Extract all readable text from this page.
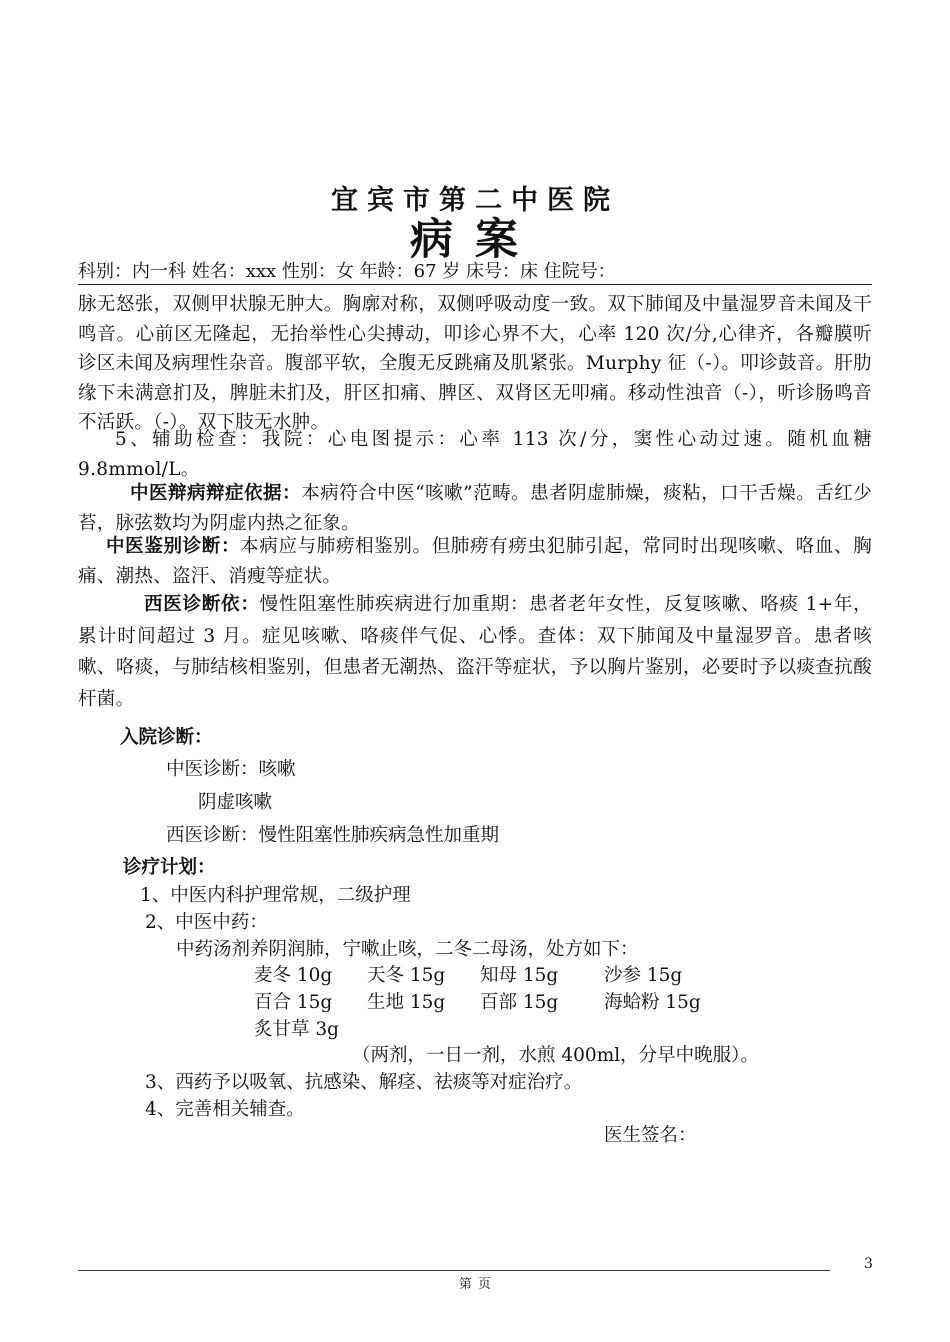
宜宾市第二中医院
病案
科别：内一科 姓名：xxx 性别：女 年龄：67 岁 床号：床 住院号：
脉无怒张，双侧甲状腺无肿大。胸廓对称，双侧呼吸动度一致。双下肺闻及中量湿罗音未闻及干鸣音。心前区无隆起，无抬举性心尖搏动，叩诊心界不大，心率 120 次/分,心律齐，各瓣膜听诊区未闻及病理性杂音。腹部平软，全腹无反跳痛及肌紧张。Murphy 征（-）。叩诊鼓音。肝肋缘下未满意扪及，脾脏未扪及，肝区扣痛、脾区、双肾区无叩痛。移动性浊音（-），听诊肠鸣音不活跃。（-）。双下肢无水肿。
5、辅助检查：我院：心电图提示：心率 113 次/分，窦性心动过速。随机血糖 9.8mmol/L。
中医辩病辩症依据：本病符合中医“咳嗽”范畴。患者阴虚肺燥，痰粘，口干舌燥。舌红少苔，脉弦数均为阴虚内热之征象。
中医鉴别诊断：本病应与肺痨相鉴别。但肺痨有痨虫犯肺引起，常同时出现咳嗽、咯血、胸痛、潮热、盗汗、消瘦等症状。
西医诊断依：慢性阻塞性肺疾病进行加重期：患者老年女性，反复咳嗽、咯痰 1+年，累计时间超过 3 月。症见咳嗽、咯痰伴气促、心悸。查体：双下肺闻及中量湿罗音。患者咳嗽、咯痰，与肺结核相鉴别，但患者无潮热、盗汗等症状，予以胸片鉴别，必要时予以痰查抗酸杆菌。
入院诊断：
中医诊断：咳嗽
阴虚咳嗽
西医诊断：慢性阻塞性肺疾病急性加重期
诊疗计划：
1、中医内科护理常规，二级护理
2、中医中药：
中药汤剂养阴润肺，宁嗽止咳，二冬二母汤，处方如下：
麦冬 10g 天冬 15g 知母 15g 沙参 15g
百合 15g 生地 15g 百部 15g 海蛤粉 15g
炙甘草 3g
（两剂，一日一剂，水煎 400ml，分早中晚服）。
3、西药予以吸氧、抗感染、解痉、祛痰等对症治疗。
4、完善相关辅查。
医生签名：
3
第 页
